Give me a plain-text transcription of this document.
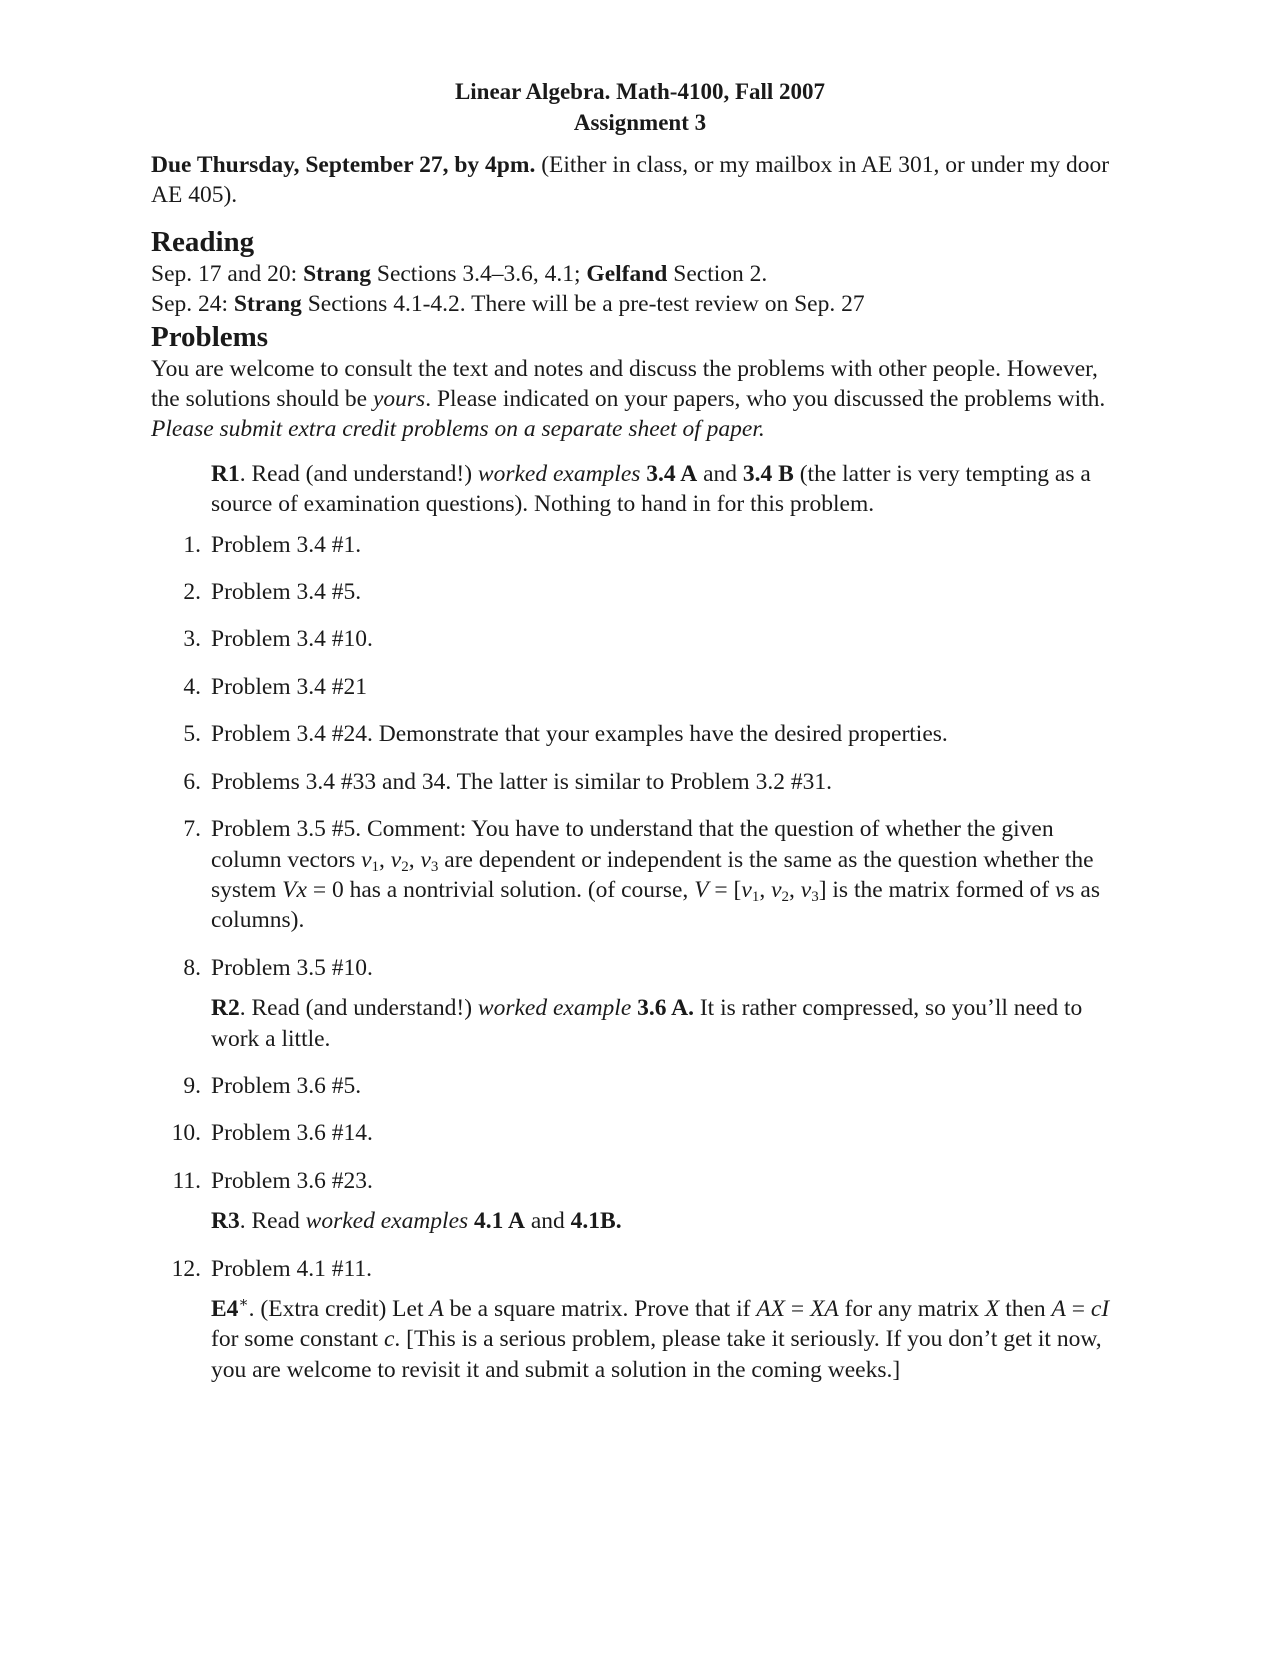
Linear Algebra. Math-4100, Fall 2007
Assignment 3

Due Thursday, September 27, by 4pm. (Either in class, or my mailbox in AE 301, or under my door AE 405).

Reading

Sep. 17 and 20: Strang Sections 3.4–3.6, 4.1; Gelfand Section 2.

Sep. 24: Strang Sections 4.1-4.2. There will be a pre-test review on Sep. 27

Problems

You are welcome to consult the text and notes and discuss the problems with other people. However, the solutions should be yours. Please indicated on your papers, who you discussed the problems with. Please submit extra credit problems on a separate sheet of paper.

R1. Read (and understand!) worked examples 3.4 A and 3.4 B (the latter is very tempting as a source of examination questions). Nothing to hand in for this problem.
1. Problem 3.4 #1.
2. Problem 3.4 #5.
3. Problem 3.4 #10.
4. Problem 3.4 #21
5. Problem 3.4 #24. Demonstrate that your examples have the desired properties.
6. Problems 3.4 #33 and 34. The latter is similar to Problem 3.2 #31.
7. Problem 3.5 #5. Comment: You have to understand that the question of whether the given column vectors $v_1$, $v_2$, $v_3$ are dependent or independent is the same as the question whether the system Vx = 0 has a nontrivial solution. (of course, $V = [v_1$, $v_2$, $v_3$] is the matrix formed of vs as columns).
8. Problem 3.5 #10.
R2. Read (and understand!) worked example 3.6 A. It is rather compressed, so you’ll need to work a little.
9. Problem 3.6 #5.
10. Problem 3.6 #14.
11. Problem 3.6 #23.
R3. Read worked examples 4.1 A and 4.1B.
12. Problem 4.1 #11.
E4∗. (Extra credit) Let A be a square matrix. Prove that if AX = XA for any matrix X then A = cI for some constant c. [This is a serious problem, please take it seriously. If you don’t get it now, you are welcome to revisit it and submit a solution in the coming weeks.]
